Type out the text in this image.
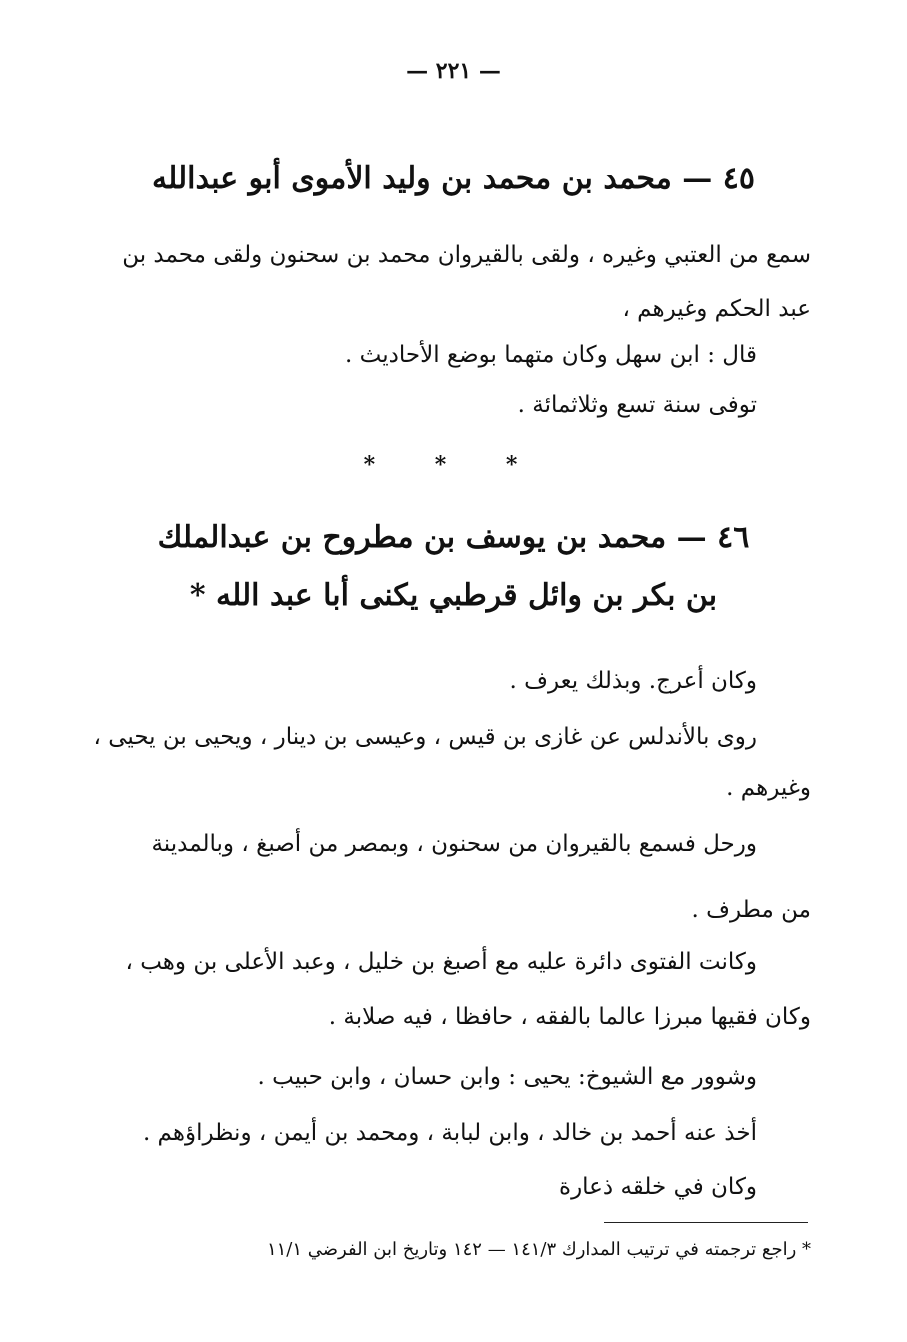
— ٢٢١ —
٤٥ — محمد بن محمد بن وليد الأموى أبو عبدالله
سمع من العتبي وغيره ، ولقى بالقيروان محمد بن سحنون ولقى محمد بن
عبد الحكم وغيرهم ،
قال : ابن سهل وكان متهما بوضع الأحاديث .
توفى سنة تسع وثلاثمائة .
* * *
٤٦ — محمد بن يوسف بن مطروح بن عبدالملك
بن بكر بن وائل قرطبي يكنى أبا عبد الله *
وكان أعرج. وبذلك يعرف .
روى بالأندلس عن غازى بن قيس ، وعيسى بن دينار ، ويحيى بن يحيى ،
وغيرهم .
ورحل فسمع بالقيروان من سحنون ، وبمصر من أصبغ ، وبالمدينة
من مطرف .
وكانت الفتوى دائرة عليه مع أصبغ بن خليل ، وعبد الأعلى بن وهب ،
وكان فقيها مبرزا عالما بالفقه ، حافظا ، فيه صلابة .
وشوور مع الشيوخ: يحيى : وابن حسان ، وابن حبيب .
أخذ عنه أحمد بن خالد ، وابن لبابة ، ومحمد بن أيمن ، ونظراؤهم .
وكان في خلقه ذعارة
* راجع ترجمته في ترتيب المدارك ١٤١/٣ — ١٤٢ وتاريخ ابن الفرضي ١١/١
